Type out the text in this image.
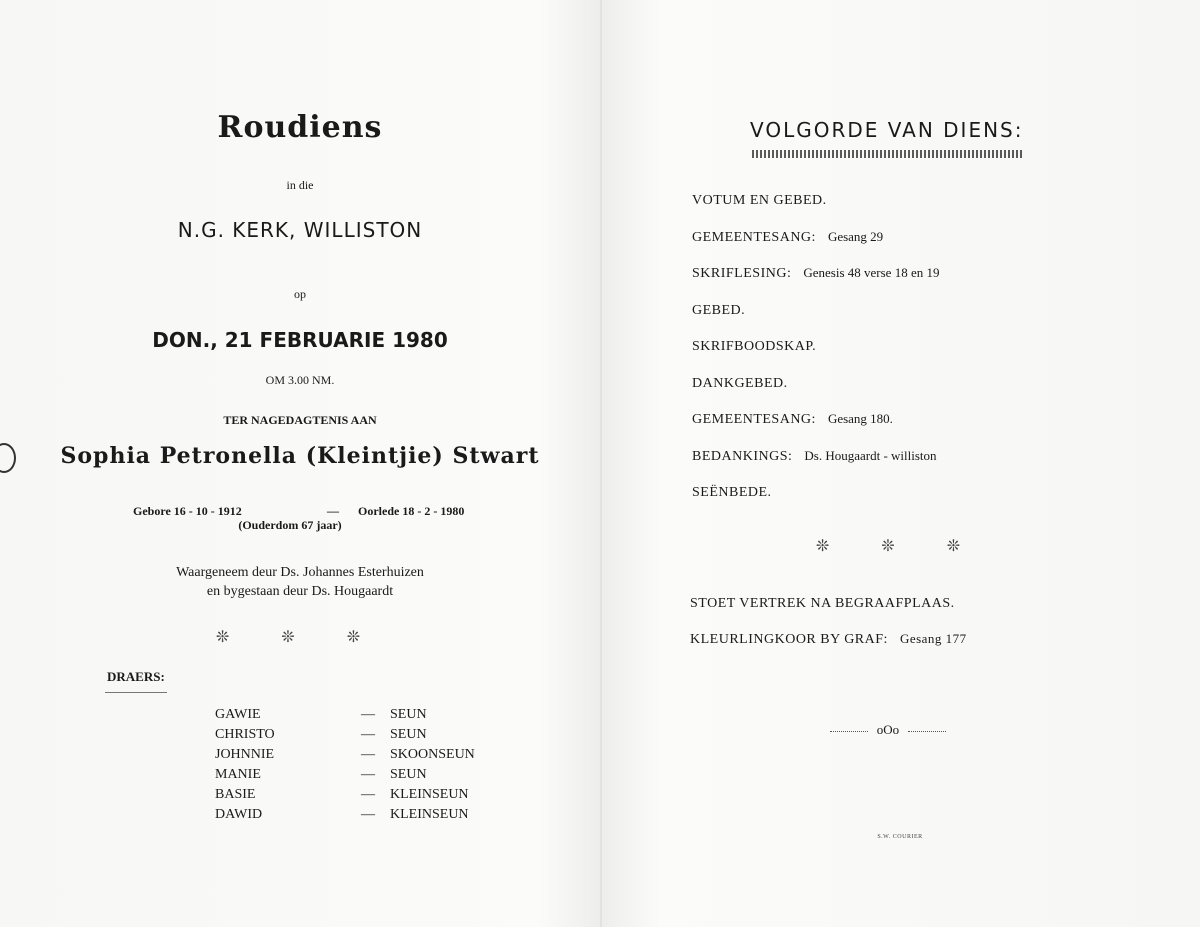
Roudiens
in die
N.G. KERK, WILLISTON
op
DON., 21 FEBRUARIE 1980
OM 3.00 NM.
TER NAGEDAGTENIS AAN
Sophia Petronella (Kleintjie) Stwart
Gebore 16 - 10 - 1912	— Oorlede 18 - 2 - 1980
(Ouderdom 67 jaar)
Waargeneem deur Ds. Johannes Esterhuizen
en bygestaan deur Ds. Hougaardt
❊ ❊ ❊
DRAERS:
GAWIE	— SEUN
CHRISTO	— SEUN
JOHNNIE	— SKOONSEUN
MANIE	— SEUN
BASIE	— KLEINSEUN
DAWID	— KLEINSEUN
VOLGORDE VAN DIENS:
VOTUM EN GEBED.
GEMEENTESANG: Gesang 29
SKRIFLESING: Genesis 48 verse 18 en 19
GEBED.
SKRIFBOODSKAP.
DANKGEBED.
GEMEENTESANG: Gesang 180.
BEDANKINGS: Ds. Hougaardt - williston
SEËNBEDE.
❊ ❊ ❊
STOET VERTREK NA BEGRAAFPLAAS.
KLEURLINGKOOR BY GRAF: Gesang 177
oOo
S.W. COURIER
